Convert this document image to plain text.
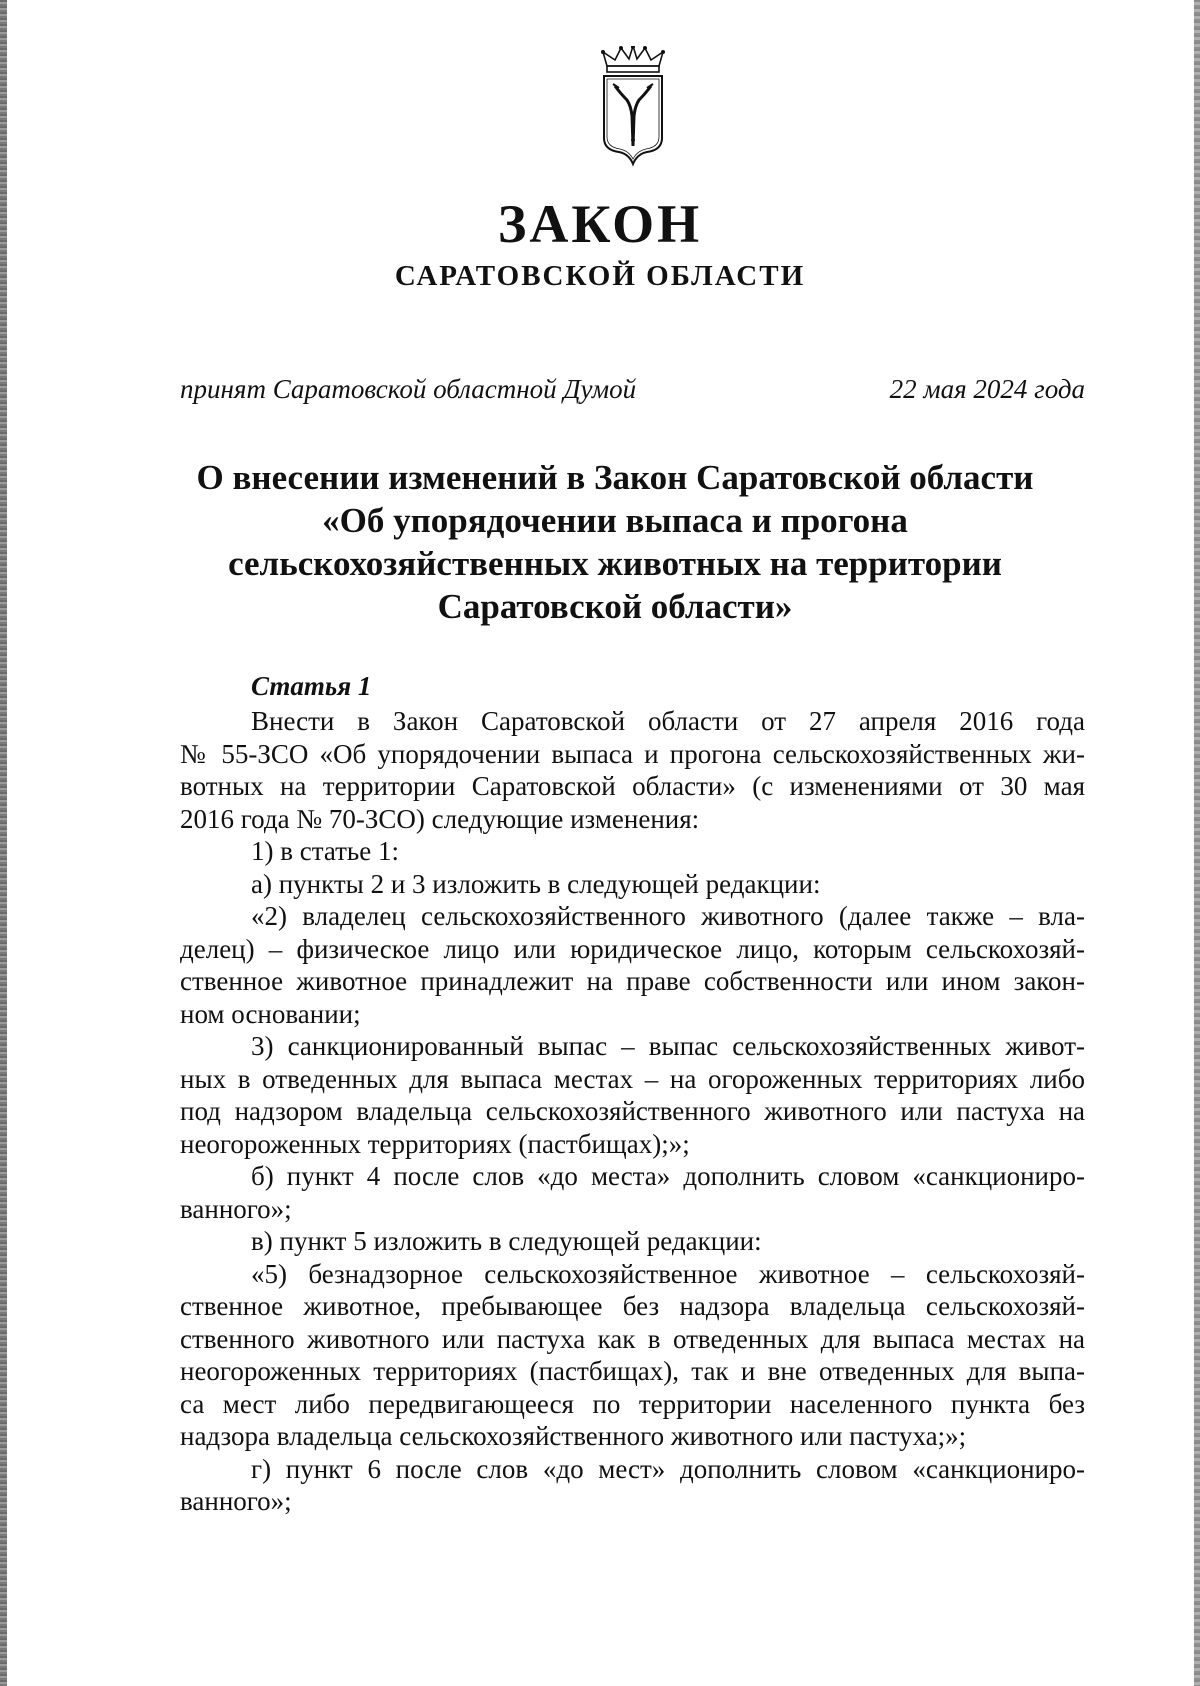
ЗАКОН
САРАТОВСКОЙ ОБЛАСТИ
принят Саратовской областной Думой	22 мая 2024 года
О внесении изменений в Закон Саратовской области
«Об упорядочении выпаса и прогона
сельскохозяйственных животных на территории
Саратовской области»
Статья 1
Внести в Закон Саратовской области от 27 апреля 2016 года
№ 55-ЗСО «Об упорядочении выпаса и прогона сельскохозяйственных жи-
вотных на территории Саратовской области» (с изменениями от 30 мая
2016 года № 70-ЗСО) следующие изменения:
1) в статье 1:
а) пункты 2 и 3 изложить в следующей редакции:
«2) владелец сельскохозяйственного животного (далее также – вла-
делец) – физическое лицо или юридическое лицо, которым сельскохозяй-
ственное животное принадлежит на праве собственности или ином закон-
ном основании;
3) санкционированный выпас – выпас сельскохозяйственных живот-
ных в отведенных для выпаса местах – на огороженных территориях либо
под надзором владельца сельскохозяйственного животного или пастуха на
неогороженных территориях (пастбищах);»;
б) пункт 4 после слов «до места» дополнить словом «санкциониро-
ванного»;
в) пункт 5 изложить в следующей редакции:
«5) безнадзорное сельскохозяйственное животное – сельскохозяй-
ственное животное, пребывающее без надзора владельца сельскохозяй-
ственного животного или пастуха как в отведенных для выпаса местах на
неогороженных территориях (пастбищах), так и вне отведенных для выпа-
са мест либо передвигающееся по территории населенного пункта без
надзора владельца сельскохозяйственного животного или пастуха;»;
г) пункт 6 после слов «до мест» дополнить словом «санкциониро-
ванного»;
